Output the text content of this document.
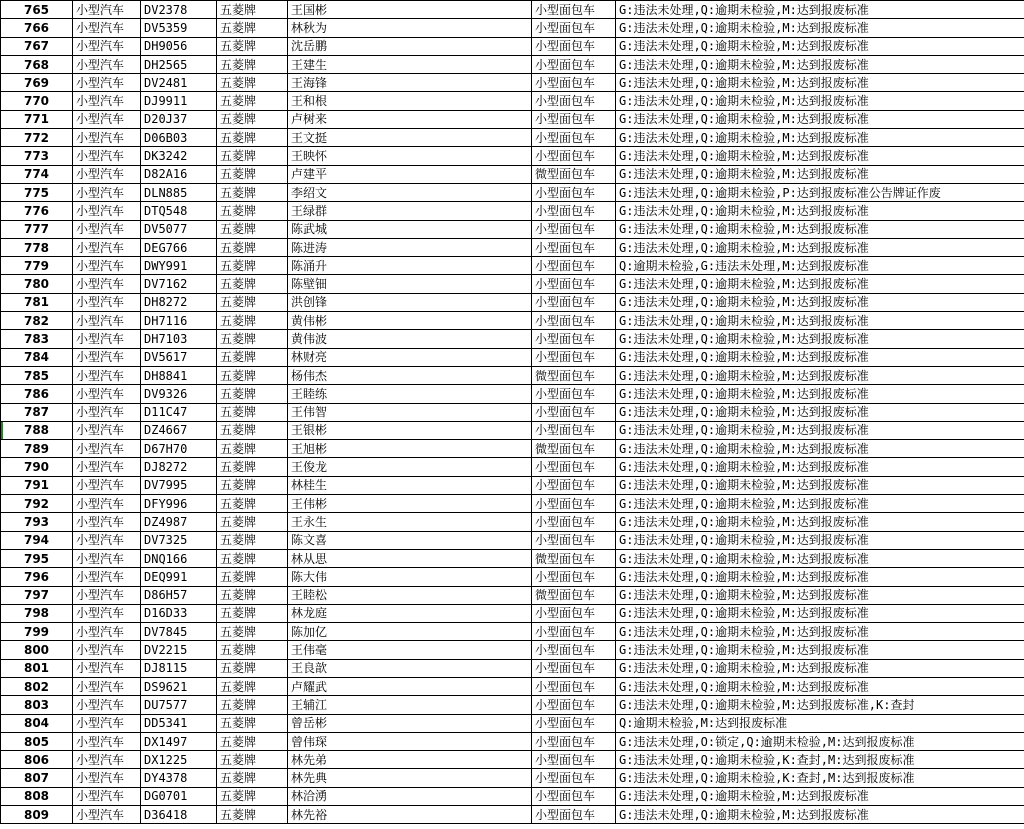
765	小型汽车	DV2378	五菱牌	王国彬	小型面包车	G:违法未处理,Q:逾期未检验,M:达到报废标准
766	小型汽车	DV5359	五菱牌	林秋为	小型面包车	G:违法未处理,Q:逾期未检验,M:达到报废标准
767	小型汽车	DH9056	五菱牌	沈岳鹏	小型面包车	G:违法未处理,Q:逾期未检验,M:达到报废标准
768	小型汽车	DH2565	五菱牌	王建生	小型面包车	G:违法未处理,Q:逾期未检验,M:达到报废标准
769	小型汽车	DV2481	五菱牌	王海锋	小型面包车	G:违法未处理,Q:逾期未检验,M:达到报废标准
770	小型汽车	DJ9911	五菱牌	王和根	小型面包车	G:违法未处理,Q:逾期未检验,M:达到报废标准
771	小型汽车	D20J37	五菱牌	卢树来	小型面包车	G:违法未处理,Q:逾期未检验,M:达到报废标准
772	小型汽车	D06B03	五菱牌	王文挺	小型面包车	G:违法未处理,Q:逾期未检验,M:达到报废标准
773	小型汽车	DK3242	五菱牌	王映怀	小型面包车	G:违法未处理,Q:逾期未检验,M:达到报废标准
774	小型汽车	D82A16	五菱牌	卢建平	微型面包车	G:违法未处理,Q:逾期未检验,M:达到报废标准
775	小型汽车	DLN885	五菱牌	李绍文	小型面包车	G:违法未处理,Q:逾期未检验,P:达到报废标准公告牌证作废
776	小型汽车	DTQ548	五菱牌	王绿群	小型面包车	G:违法未处理,Q:逾期未检验,M:达到报废标准
777	小型汽车	DV5077	五菱牌	陈武城	小型面包车	G:违法未处理,Q:逾期未检验,M:达到报废标准
778	小型汽车	DEG766	五菱牌	陈进涛	小型面包车	G:违法未处理,Q:逾期未检验,M:达到报废标准
779	小型汽车	DWY991	五菱牌	陈涌升	小型面包车	Q:逾期未检验,G:违法未处理,M:达到报废标准
780	小型汽车	DV7162	五菱牌	陈壁钿	小型面包车	G:违法未处理,Q:逾期未检验,M:达到报废标准
781	小型汽车	DH8272	五菱牌	洪创锋	小型面包车	G:违法未处理,Q:逾期未检验,M:达到报废标准
782	小型汽车	DH7116	五菱牌	黄伟彬	小型面包车	G:违法未处理,Q:逾期未检验,M:达到报废标准
783	小型汽车	DH7103	五菱牌	黄伟波	小型面包车	G:违法未处理,Q:逾期未检验,M:达到报废标准
784	小型汽车	DV5617	五菱牌	林财亮	小型面包车	G:违法未处理,Q:逾期未检验,M:达到报废标准
785	小型汽车	DH8841	五菱牌	杨伟杰	微型面包车	G:违法未处理,Q:逾期未检验,M:达到报废标准
786	小型汽车	DV9326	五菱牌	王睦练	小型面包车	G:违法未处理,Q:逾期未检验,M:达到报废标准
787	小型汽车	D11C47	五菱牌	王伟智	小型面包车	G:违法未处理,Q:逾期未检验,M:达到报废标准
788	小型汽车	DZ4667	五菱牌	王银彬	小型面包车	G:违法未处理,Q:逾期未检验,M:达到报废标准
789	小型汽车	D67H70	五菱牌	王旭彬	微型面包车	G:违法未处理,Q:逾期未检验,M:达到报废标准
790	小型汽车	DJ8272	五菱牌	王俊龙	小型面包车	G:违法未处理,Q:逾期未检验,M:达到报废标准
791	小型汽车	DV7995	五菱牌	林桂生	小型面包车	G:违法未处理,Q:逾期未检验,M:达到报废标准
792	小型汽车	DFY996	五菱牌	王伟彬	小型面包车	G:违法未处理,Q:逾期未检验,M:达到报废标准
793	小型汽车	DZ4987	五菱牌	王永生	小型面包车	G:违法未处理,Q:逾期未检验,M:达到报废标准
794	小型汽车	DV7325	五菱牌	陈文喜	小型面包车	G:违法未处理,Q:逾期未检验,M:达到报废标准
795	小型汽车	DNQ166	五菱牌	林从思	微型面包车	G:违法未处理,Q:逾期未检验,M:达到报废标准
796	小型汽车	DEQ991	五菱牌	陈大伟	小型面包车	G:违法未处理,Q:逾期未检验,M:达到报废标准
797	小型汽车	D86H57	五菱牌	王睦松	微型面包车	G:违法未处理,Q:逾期未检验,M:达到报废标准
798	小型汽车	D16D33	五菱牌	林龙庭	小型面包车	G:违法未处理,Q:逾期未检验,M:达到报废标准
799	小型汽车	DV7845	五菱牌	陈加亿	小型面包车	G:违法未处理,Q:逾期未检验,M:达到报废标准
800	小型汽车	DV2215	五菱牌	王伟毫	小型面包车	G:违法未处理,Q:逾期未检验,M:达到报废标准
801	小型汽车	DJ8115	五菱牌	王良歆	小型面包车	G:违法未处理,Q:逾期未检验,M:达到报废标准
802	小型汽车	DS9621	五菱牌	卢耀武	小型面包车	G:违法未处理,Q:逾期未检验,M:达到报废标准
803	小型汽车	DU7577	五菱牌	王辅江	小型面包车	G:违法未处理,Q:逾期未检验,M:达到报废标准,K:查封
804	小型汽车	DD5341	五菱牌	曾岳彬	小型面包车	Q:逾期未检验,M:达到报废标准
805	小型汽车	DX1497	五菱牌	曾伟琛	小型面包车	G:违法未处理,O:锁定,Q:逾期未检验,M:达到报废标准
806	小型汽车	DX1225	五菱牌	林先弟	小型面包车	G:违法未处理,Q:逾期未检验,K:查封,M:达到报废标准
807	小型汽车	DY4378	五菱牌	林先典	小型面包车	G:违法未处理,Q:逾期未检验,K:查封,M:达到报废标准
808	小型汽车	DG0701	五菱牌	林洽湧	小型面包车	G:违法未处理,Q:逾期未检验,M:达到报废标准
809	小型汽车	D36418	五菱牌	林先裕	小型面包车	G:违法未处理,Q:逾期未检验,M:达到报废标准
